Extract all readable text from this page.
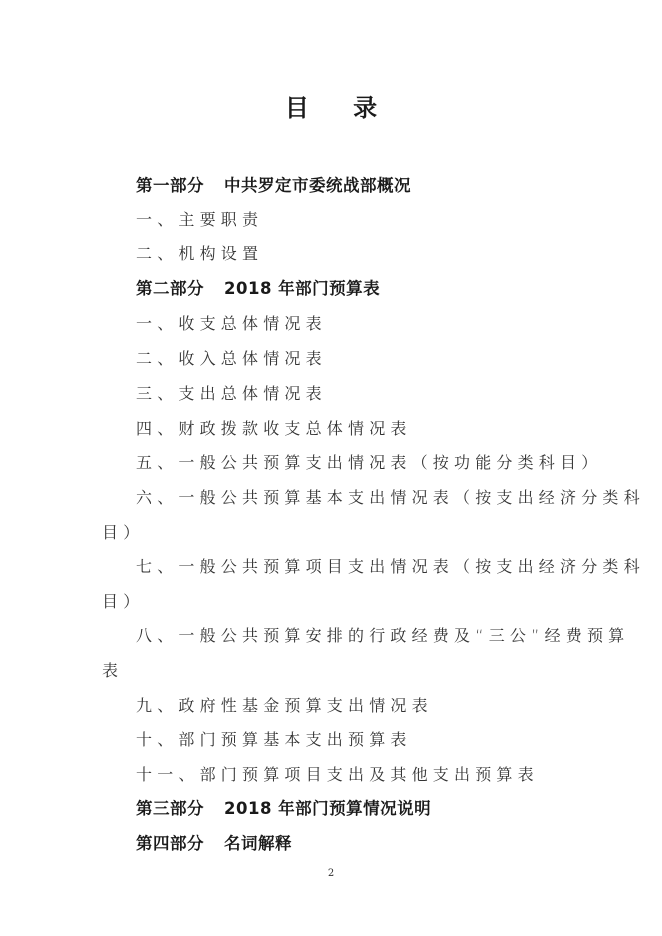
目 录
第一部分 中共罗定市委统战部概况
一、主要职责
二、机构设置
第二部分 2018 年部门预算表
一、收支总体情况表
二、收入总体情况表
三、支出总体情况表
四、财政拨款收支总体情况表
五、一般公共预算支出情况表（按功能分类科目）
六、一般公共预算基本支出情况表（按支出经济分类科
目）
七、一般公共预算项目支出情况表（按支出经济分类科
目）
八、一般公共预算安排的行政经费及“三公”经费预算
表
九、政府性基金预算支出情况表
十、部门预算基本支出预算表
十一、部门预算项目支出及其他支出预算表
第三部分 2018 年部门预算情况说明
第四部分 名词解释
2
